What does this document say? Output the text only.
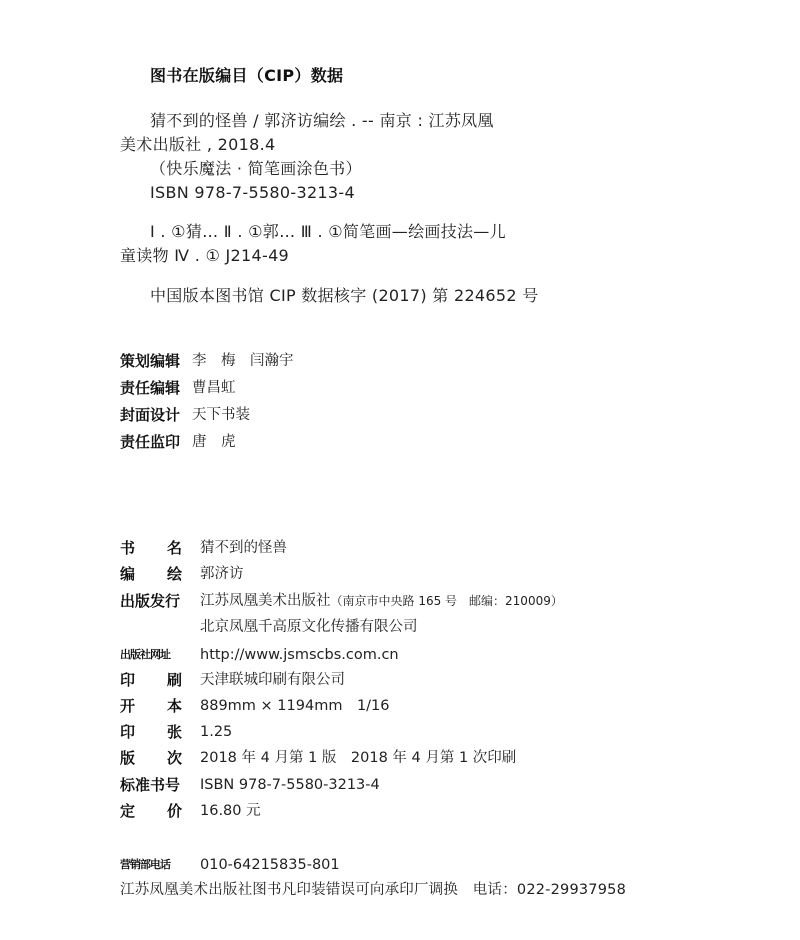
图书在版编目（CIP）数据
猜不到的怪兽 / 郭济访编绘 . -- 南京 : 江苏凤凰
美术出版社 , 2018.4
（快乐魔法 · 简笔画涂色书）
ISBN 978-7-5580-3213-4
Ⅰ . ①猜… Ⅱ . ①郭… Ⅲ . ①简笔画—绘画技法—儿
童读物 Ⅳ . ① J214-49
中国版本图书馆 CIP 数据核字 (2017) 第 224652 号
策划编辑 李　梅　闫瀚宇
责任编辑 曹昌虹
封面设计 天下书装
责任监印 唐　虎
书 名 猜不到的怪兽
编 绘 郭济访
出版发行 江苏凤凰美术出版社（南京市中央路 165 号　邮编：210009）
北京凤凰千高原文化传播有限公司
出版社网址 http://www.jsmscbs.com.cn
印 刷 天津联城印刷有限公司
开 本 889mm × 1194mm　1/16
印 张 1.25
版 次 2018 年 4 月第 1 版　2018 年 4 月第 1 次印刷
标准书号 ISBN 978-7-5580-3213-4
定 价 16.80 元
营销部电话 010-64215835-801
江苏凤凰美术出版社图书凡印装错误可向承印厂调换　电话：022-29937958
